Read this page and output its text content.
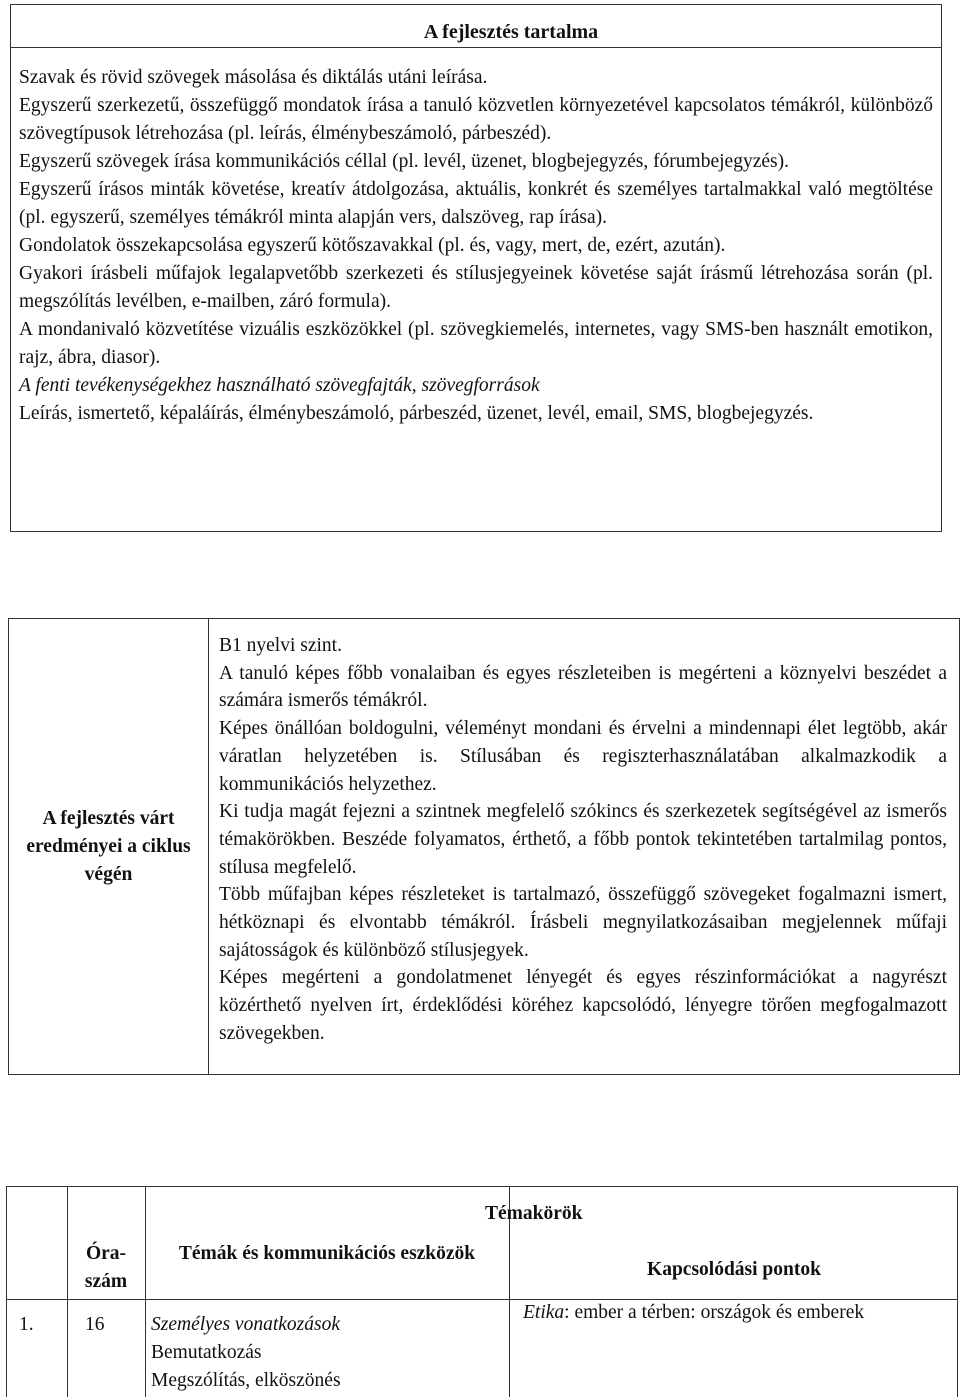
A fejlesztés tartalma

Szavak és rövid szövegek másolása és diktálás utáni leírása.

Egyszerű szerkezetű, összefüggő mondatok írása a tanuló közvetlen környezetével kapcsolatos témákról, különböző szövegtípusok létrehozása (pl. leírás, élménybeszámoló, párbeszéd).

Egyszerű szövegek írása kommunikációs céllal (pl. levél, üzenet, blogbejegyzés, fórumbejegyzés).

Egyszerű írásos minták követése, kreatív átdolgozása, aktuális, konkrét és személyes tartalmakkal való megtöltése (pl. egyszerű, személyes témákról minta alapján vers, dalszöveg, rap írása).

Gondolatok összekapcsolása egyszerű kötőszavakkal (pl. és, vagy, mert, de, ezért, azután).

Gyakori írásbeli műfajok legalapvetőbb szerkezeti és stílusjegyeinek követése saját írásmű létrehozása során (pl. megszólítás levélben, e-mailben, záró formula).

A mondanivaló közvetítése vizuális eszközökkel (pl. szövegkiemelés, internetes, vagy SMS-ben használt emotikon, rajz, ábra, diasor).

A fenti tevékenységekhez használható szövegfajták, szövegforrások

Leírás, ismertető, képaláírás, élménybeszámoló, párbeszéd, üzenet, levél, email, SMS, blogbejegyzés.

A fejlesztés várt eredményei a ciklus végén

B1 nyelvi szint.

A tanuló képes főbb vonalaiban és egyes részleteiben is megérteni a köznyelvi beszédet a számára ismerős témákról.

Képes önállóan boldogulni, véleményt mondani és érvelni a mindennapi élet legtöbb, akár váratlan helyzetében is. Stílusában és regiszterhasználatában alkalmazkodik a kommunikációs helyzethez.

Ki tudja magát fejezni a szintnek megfelelő szókincs és szerkezetek segítségével az ismerős témakörökben. Beszéde folyamatos, érthető, a főbb pontok tekintetében tartalmilag pontos, stílusa megfelelő.

Több műfajban képes részleteket is tartalmazó, összefüggő szövegeket fogalmazni ismert, hétköznapi és elvontabb témákról. Írásbeli megnyilatkozásaiban megjelennek műfaji sajátosságok és különböző stílusjegyek.

Képes megérteni a gondolatmenet lényegét és egyes részinformációkat a nagyrészt közérthető nyelven írt, érdeklődési köréhez kapcsolódó, lényegre törően megfogalmazott szövegekben.

Témakörök
Óra-szám
Témák és kommunikációs eszközök
Kapcsolódási pontok
1.	16 Személyes vonatkozások
Bemutatkozás
Megszólítás, elköszönés
Etika: ember a térben: országok és emberek
